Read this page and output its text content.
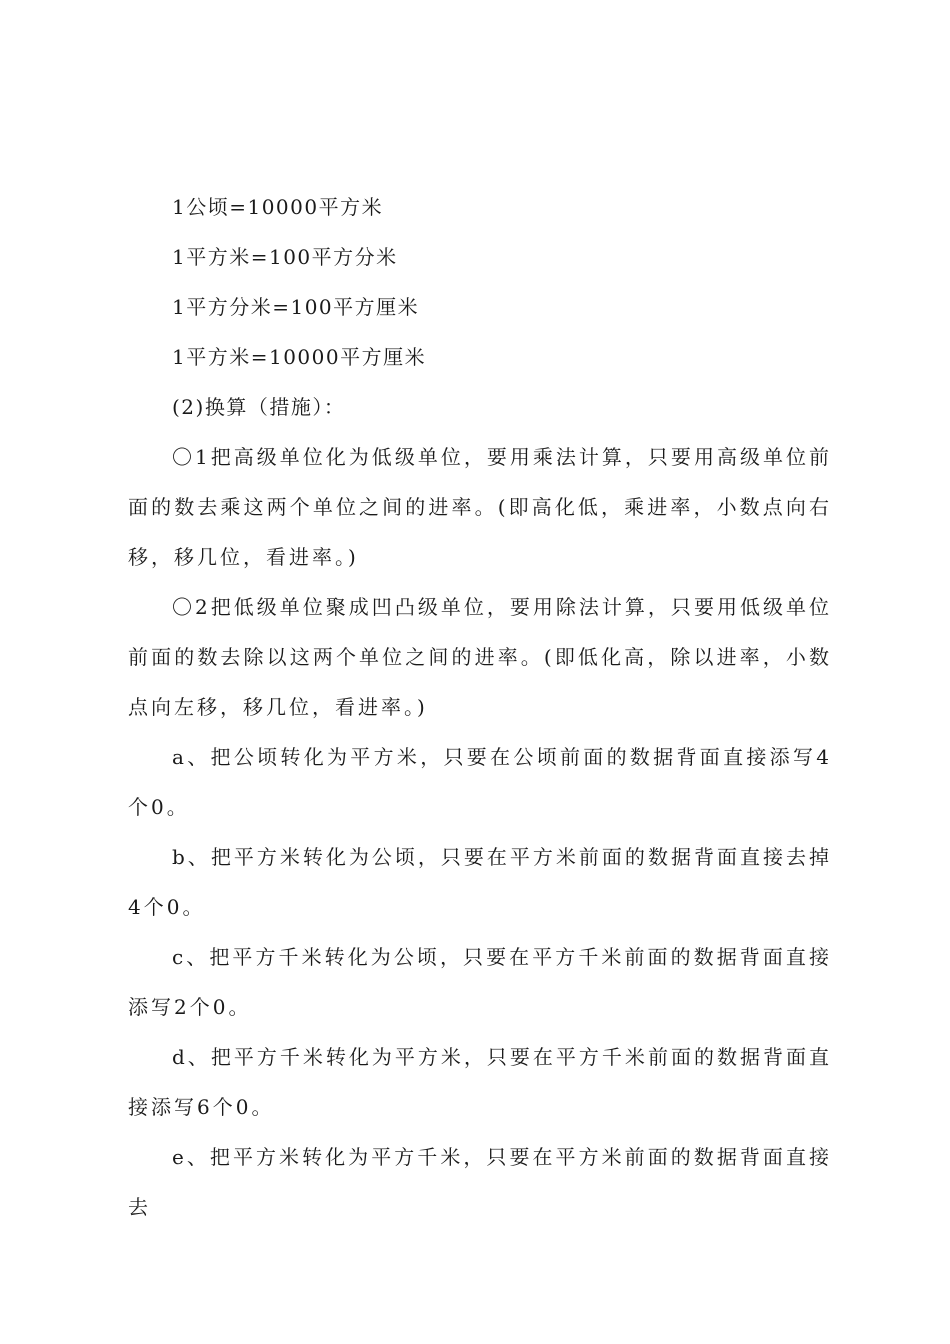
1公顷=10000平方米
1平方米=100平方分米
1平方分米=100平方厘米
1平方米=10000平方厘米
(2)换算（措施）：

〇1把高级单位化为低级单位，要用乘法计算，只要用高级单位前面的数去乘这两个单位之间的进率。(即高化低，乘进率，小数点向右移，移几位，看进率。)

〇2把低级单位聚成凹凸级单位，要用除法计算，只要用低级单位前面的数去除以这两个单位之间的进率。(即低化高，除以进率，小数点向左移，移几位，看进率。)

a、把公顷转化为平方米，只要在公顷前面的数据背面直接添写4个0。

b、把平方米转化为公顷，只要在平方米前面的数据背面直接去掉4个0。

c、把平方千米转化为公顷，只要在平方千米前面的数据背面直接添写2个0。

d、把平方千米转化为平方米，只要在平方千米前面的数据背面直接添写6个0。

e、把平方米转化为平方千米，只要在平方米前面的数据背面直接去
